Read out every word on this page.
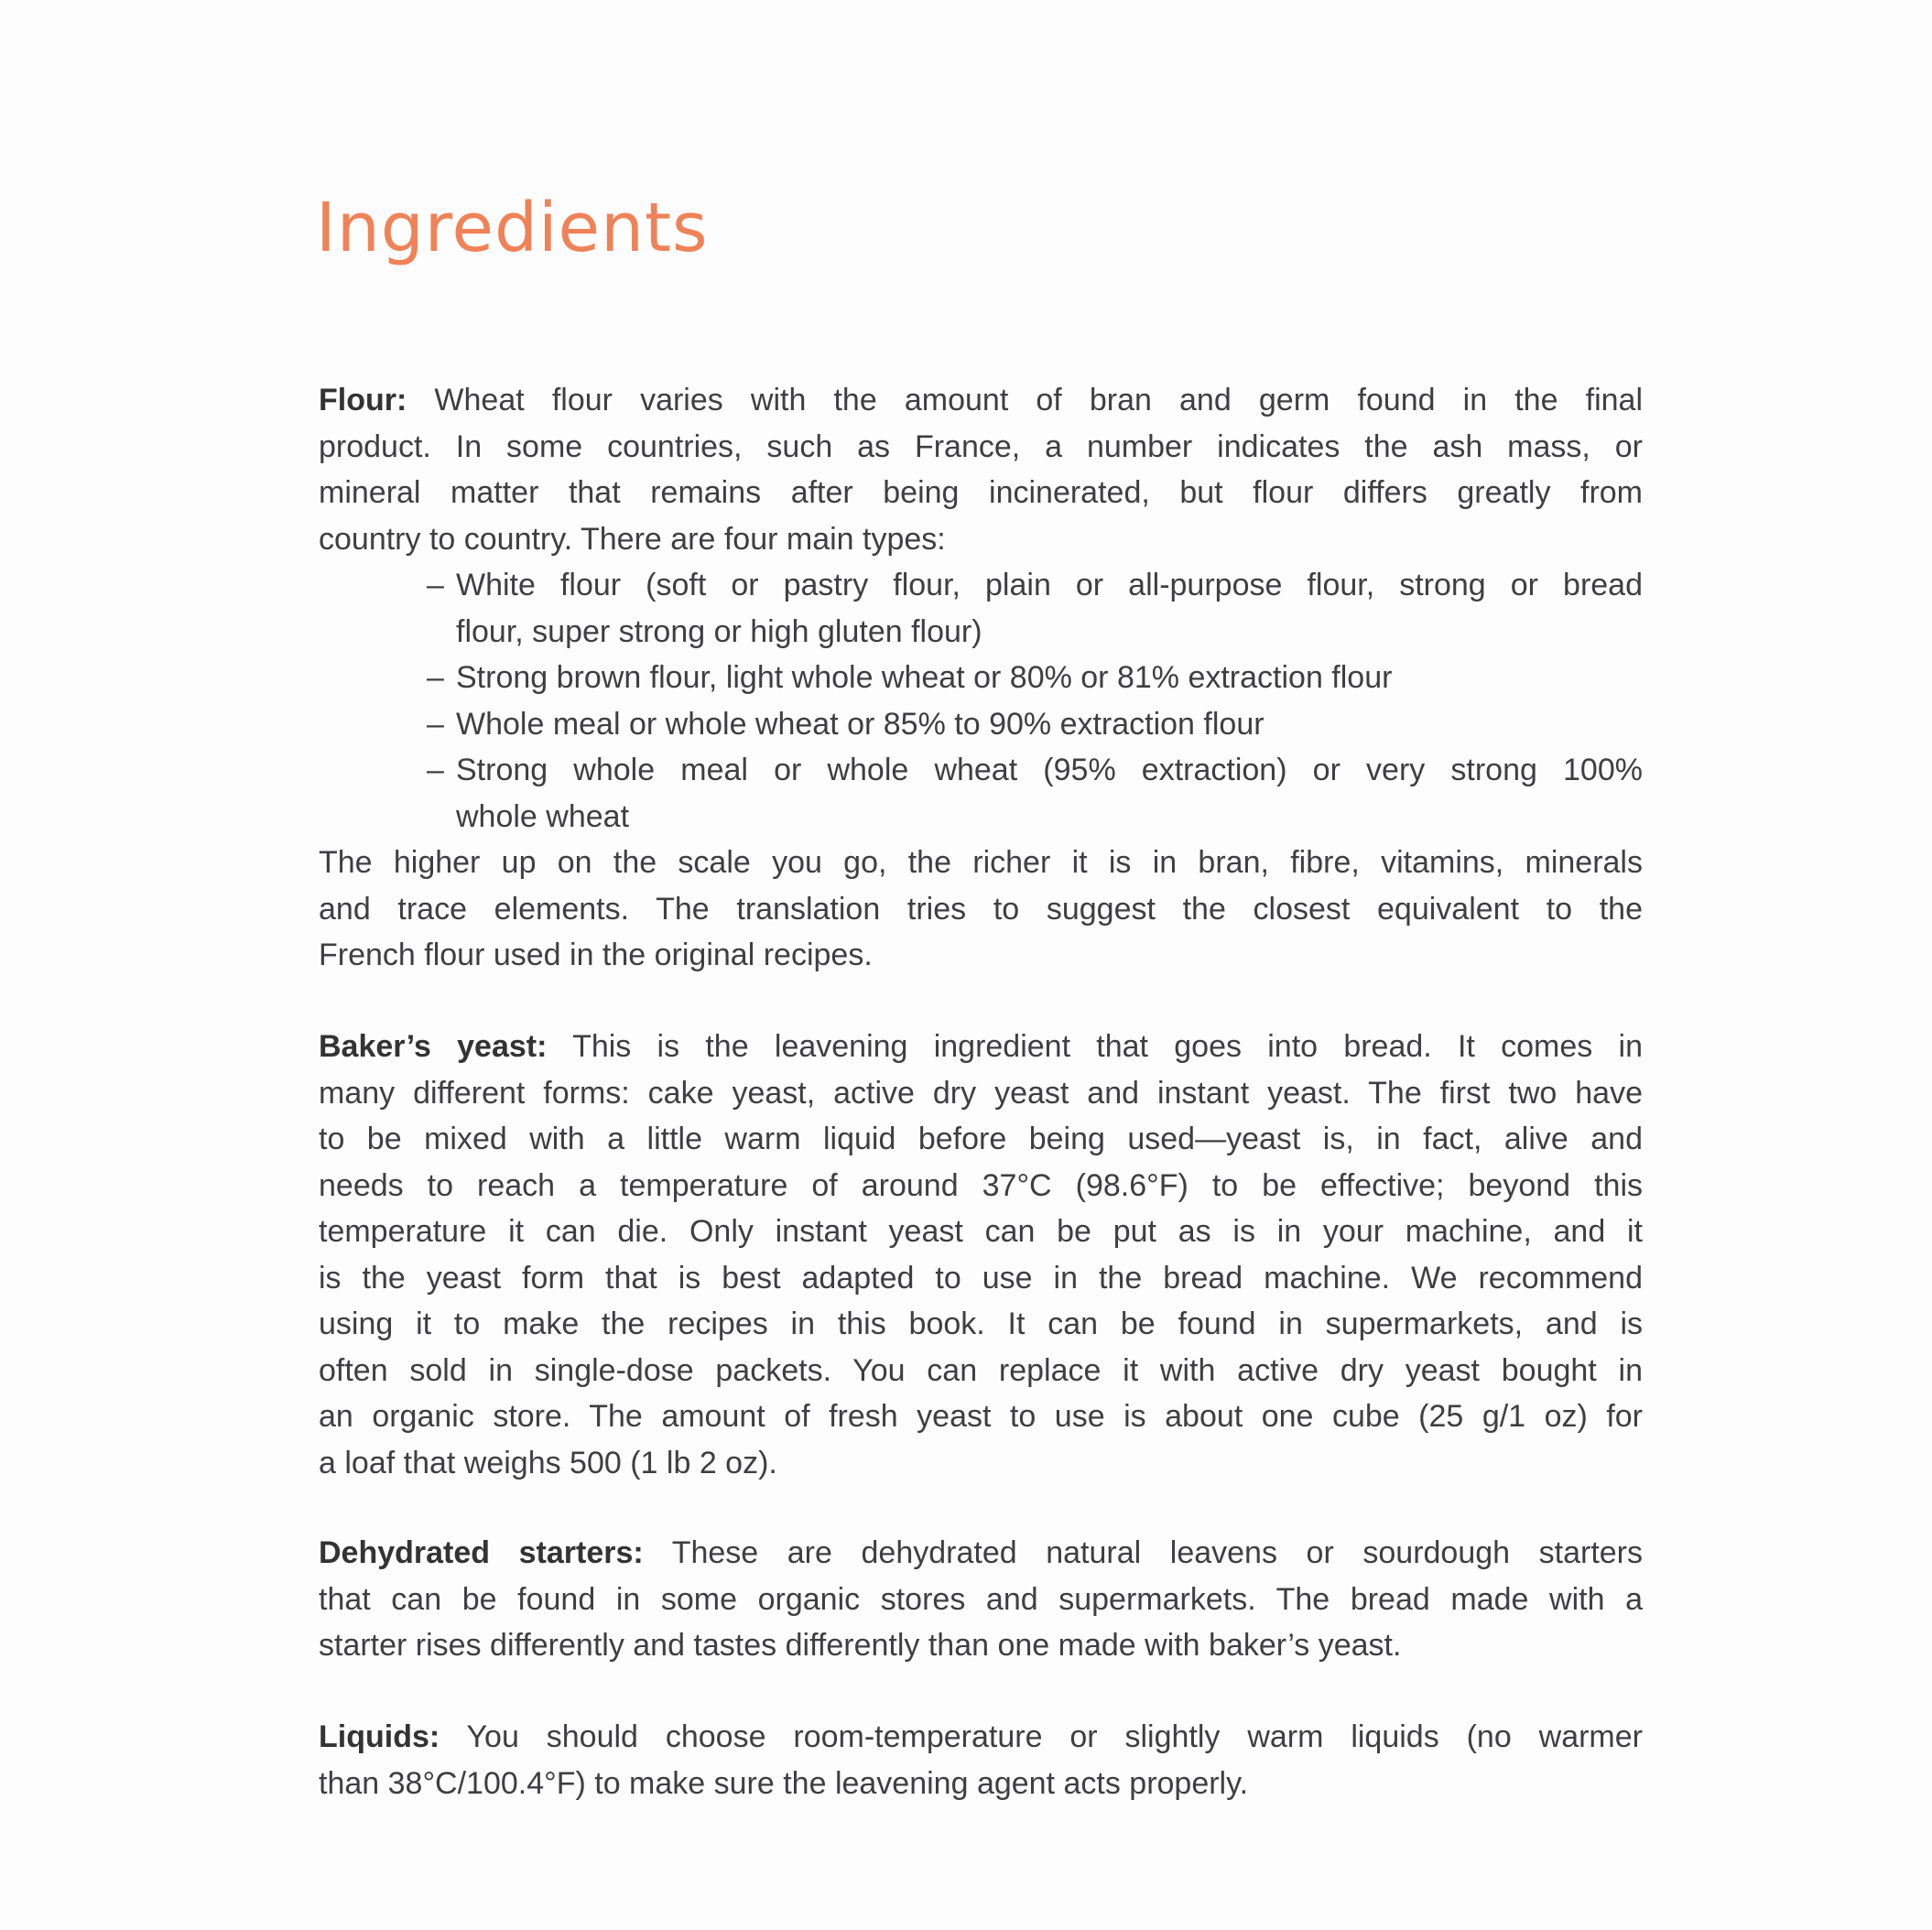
Ingredients
Flour: Wheat flour varies with the amount of bran and germ found in the final
product. In some countries, such as France, a number indicates the ash mass, or
mineral matter that remains after being incinerated, but flour differs greatly from
country to country. There are four main types:
– White flour (soft or pastry flour, plain or all-purpose flour, strong or bread
flour, super strong or high gluten flour)
– Strong brown flour, light whole wheat or 80% or 81% extraction flour
– Whole meal or whole wheat or 85% to 90% extraction flour
– Strong whole meal or whole wheat (95% extraction) or very strong 100%
whole wheat
The higher up on the scale you go, the richer it is in bran, fibre, vitamins, minerals
and trace elements. The translation tries to suggest the closest equivalent to the
French flour used in the original recipes.
Baker’s yeast: This is the leavening ingredient that goes into bread. It comes in
many different forms: cake yeast, active dry yeast and instant yeast. The first two have
to be mixed with a little warm liquid before being used—yeast is, in fact, alive and
needs to reach a temperature of around 37°C (98.6°F) to be effective; beyond this
temperature it can die. Only instant yeast can be put as is in your machine, and it
is the yeast form that is best adapted to use in the bread machine. We recommend
using it to make the recipes in this book. It can be found in supermarkets, and is
often sold in single-dose packets. You can replace it with active dry yeast bought in
an organic store. The amount of fresh yeast to use is about one cube (25 g/1 oz) for
a loaf that weighs 500 (1 lb 2 oz).
Dehydrated starters: These are dehydrated natural leavens or sourdough starters
that can be found in some organic stores and supermarkets. The bread made with a
starter rises differently and tastes differently than one made with baker’s yeast.
Liquids: You should choose room-temperature or slightly warm liquids (no warmer
than 38°C/100.4°F) to make sure the leavening agent acts properly.
